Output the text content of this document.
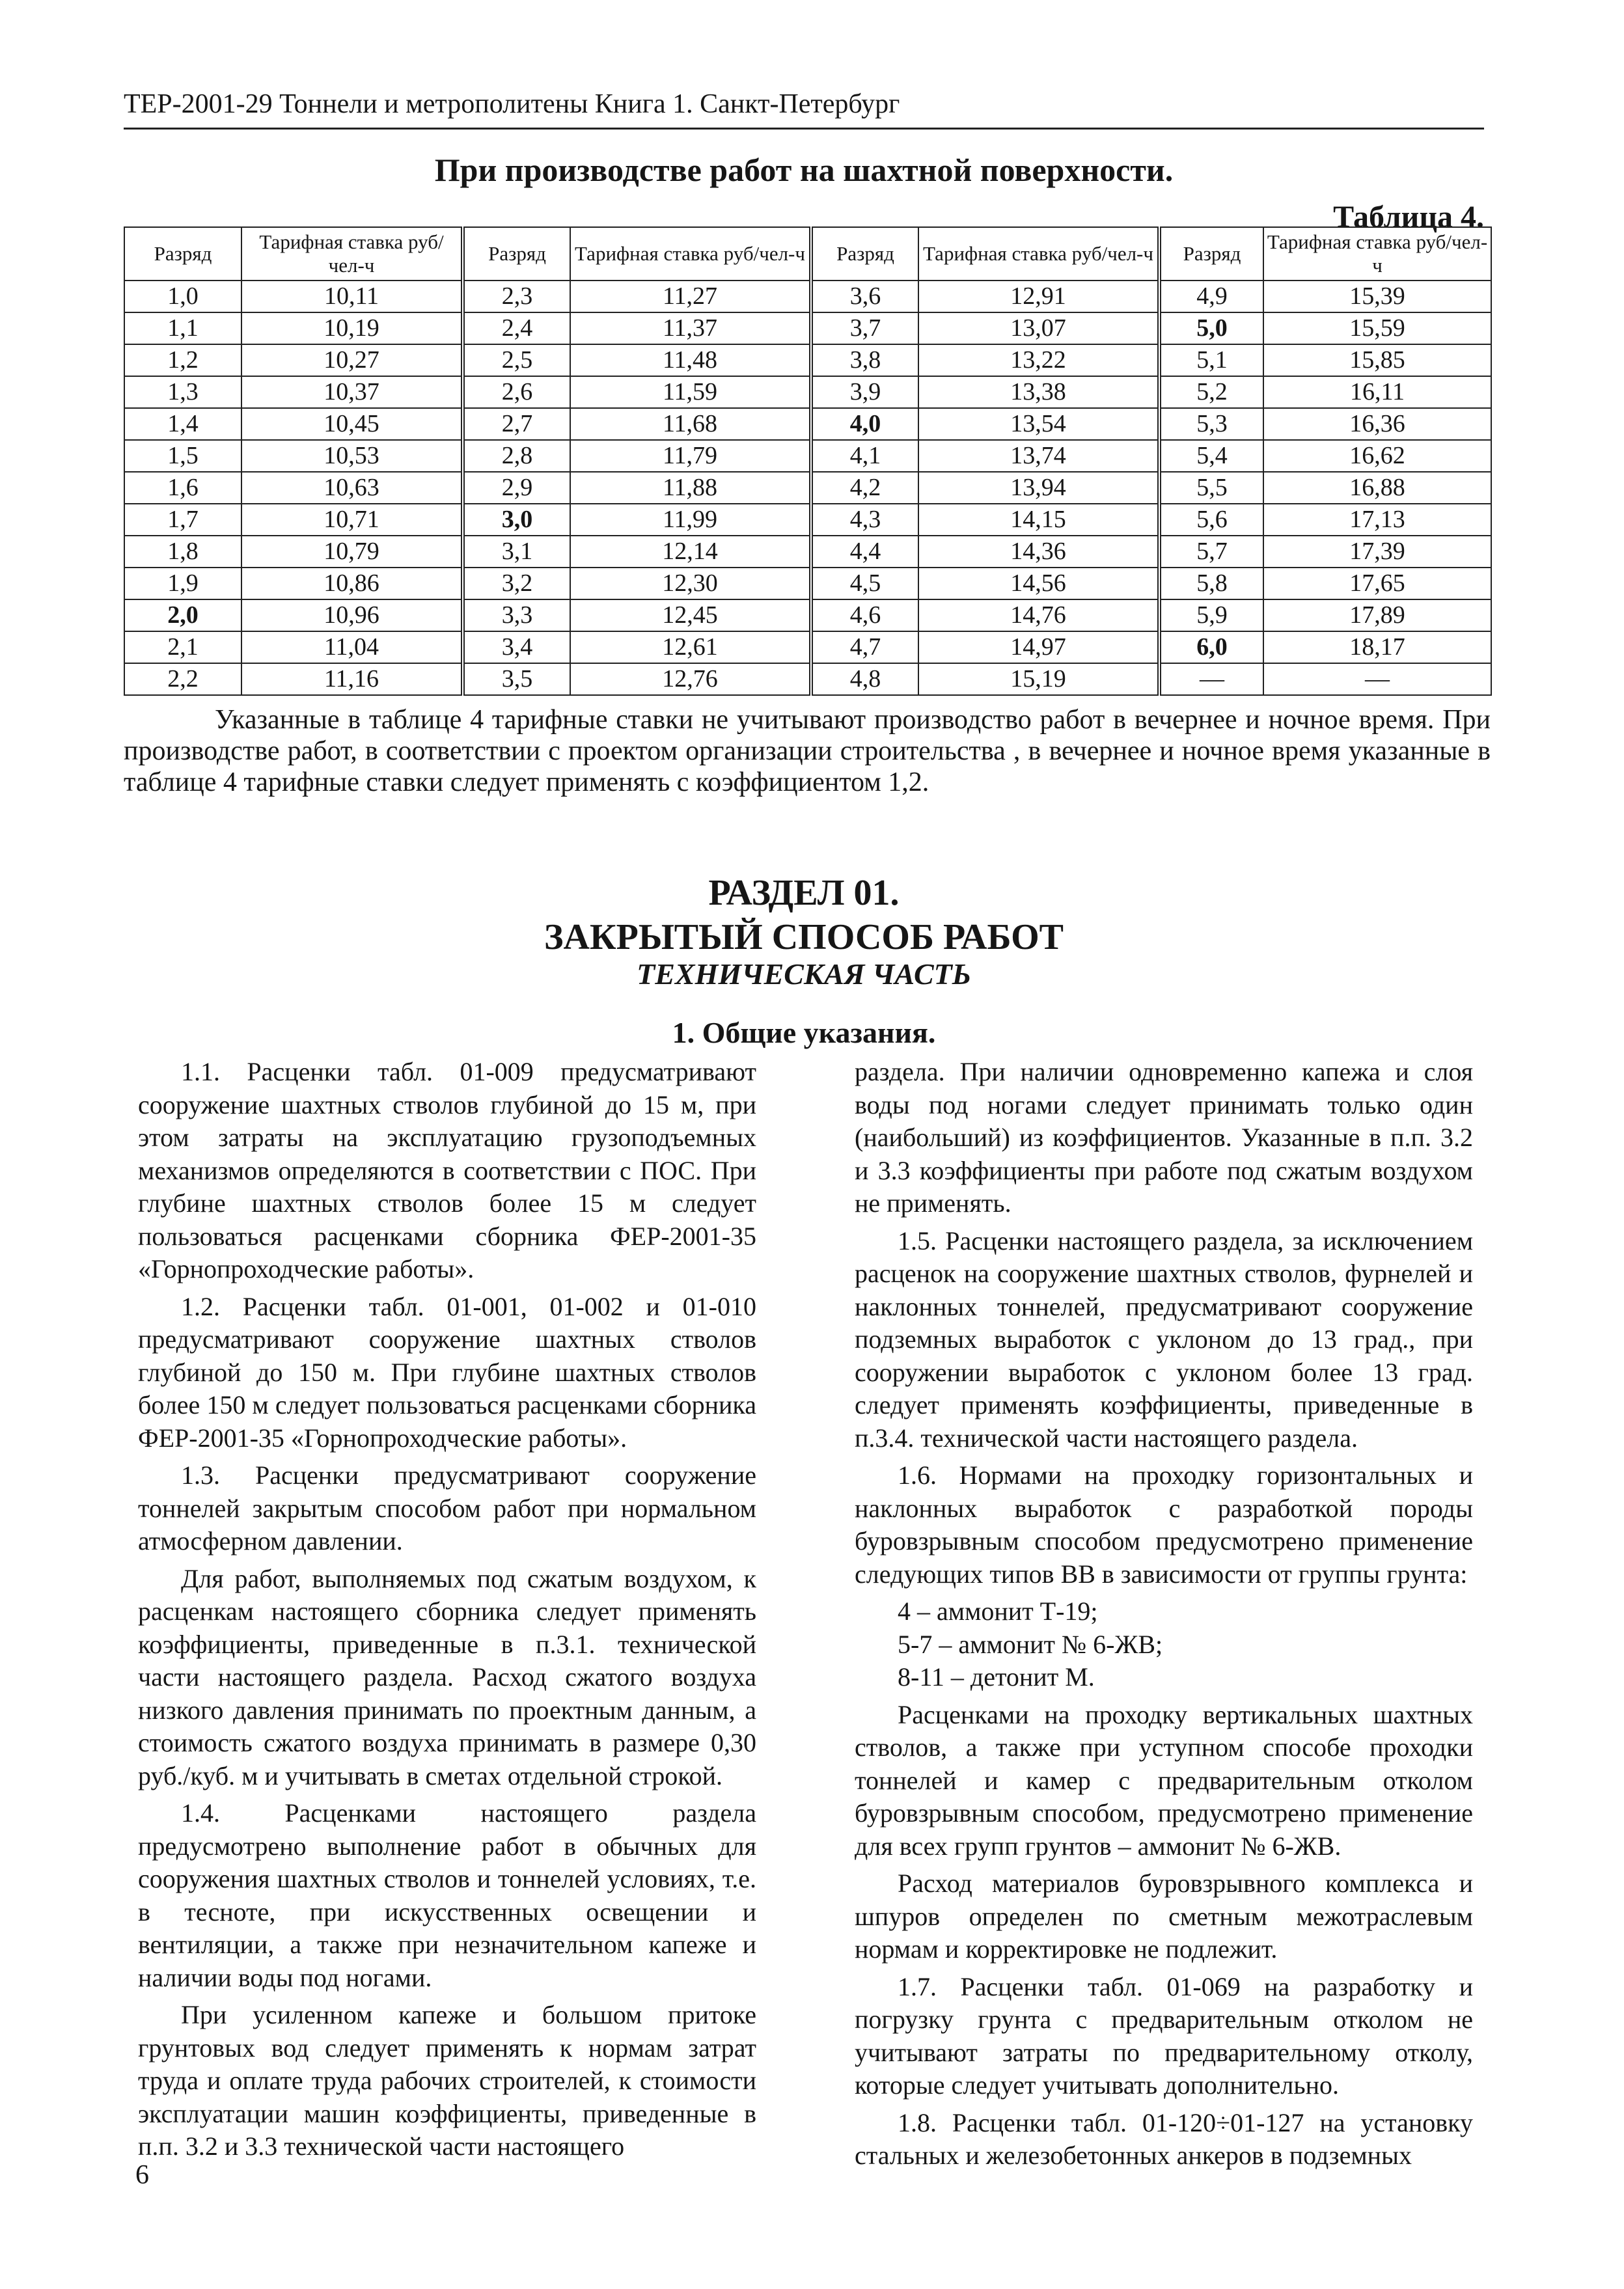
ТЕР-2001-29 Тоннели и метрополитены Книга 1. Санкт-Петербург
При производстве работ на шахтной поверхности.
Таблица 4.
Разряд	Тарифная ставка руб/чел-ч	Разряд	Тарифная ставка руб/чел-ч	Разряд	Тарифная ставка руб/чел-ч	Разряд	Тарифная ставка руб/чел-ч
1,0	10,11	2,3	11,27	3,6	12,91	4,9	15,39
1,1	10,19	2,4	11,37	3,7	13,07	5,0	15,59
1,2	10,27	2,5	11,48	3,8	13,22	5,1	15,85
1,3	10,37	2,6	11,59	3,9	13,38	5,2	16,11
1,4	10,45	2,7	11,68	4,0	13,54	5,3	16,36
1,5	10,53	2,8	11,79	4,1	13,74	5,4	16,62
1,6	10,63	2,9	11,88	4,2	13,94	5,5	16,88
1,7	10,71	3,0	11,99	4,3	14,15	5,6	17,13
1,8	10,79	3,1	12,14	4,4	14,36	5,7	17,39
1,9	10,86	3,2	12,30	4,5	14,56	5,8	17,65
2,0	10,96	3,3	12,45	4,6	14,76	5,9	17,89
2,1	11,04	3,4	12,61	4,7	14,97	6,0	18,17
2,2	11,16	3,5	12,76	4,8	15,19	—	—

Указанные в таблице 4 тарифные ставки не учитывают производство работ в вечернее и ночное время. При производстве работ, в соответствии с проектом организации строительства , в вечернее и ночное время указанные в таблице 4 тарифные ставки следует применять с коэффициентом 1,2.

РАЗДЕЛ 01.
ЗАКРЫТЫЙ СПОСОБ РАБОТ
ТЕХНИЧЕСКАЯ ЧАСТЬ
1. Общие указания.

1.1. Расценки табл. 01-009 предусматривают сооружение шахтных стволов глубиной до 15 м, при этом затраты на эксплуатацию грузоподъемных механизмов определяются в соответствии с ПОС. При глубине шахтных стволов более 15 м следует пользоваться расценками сборника ФЕР-2001-35 «Горнопроходческие работы».

1.2. Расценки табл. 01-001, 01-002 и 01-010 предусматривают сооружение шахтных стволов глубиной до 150 м. При глубине шахтных стволов более 150 м следует пользоваться расценками сборника ФЕР-2001-35 «Горнопроходческие работы».

1.3. Расценки предусматривают сооружение тоннелей закрытым способом работ при нормальном атмосферном давлении.

Для работ, выполняемых под сжатым воздухом, к расценкам настоящего сборника следует применять коэффициенты, приведенные в п.3.1. технической части настоящего раздела. Расход сжатого воздуха низкого давления принимать по проектным данным, а стоимость сжатого воздуха принимать в размере 0,30 руб./куб. м и учитывать в сметах отдельной строкой.

1.4. Расценками настоящего раздела предусмотрено выполнение работ в обычных для сооружения шахтных стволов и тоннелей условиях, т.е. в тесноте, при искусственных освещении и вентиляции, а также при незначительном капеже и наличии воды под ногами.

При усиленном капеже и большом притоке грунтовых вод следует применять к нормам затрат труда и оплате труда рабочих строителей, к стоимости эксплуатации машин коэффициенты, приведенные в п.п. 3.2 и 3.3 технической части настоящего

раздела. При наличии одновременно капежа и слоя воды под ногами следует принимать только один (наибольший) из коэффициентов. Указанные в п.п. 3.2 и 3.3 коэффициенты при работе под сжатым воздухом не применять.

1.5. Расценки настоящего раздела, за исключением расценок на сооружение шахтных стволов, фурнелей и наклонных тоннелей, предусматривают сооружение подземных выработок с уклоном до 13 град., при сооружении выработок с уклоном более 13 град. следует применять коэффициенты, приведенные в п.3.4. технической части настоящего раздела.

1.6. Нормами на проходку горизонтальных и наклонных выработок с разработкой породы буровзрывным способом предусмотрено применение следующих типов ВВ в зависимости от группы грунта:

4 – аммонит Т-19;

5-7 – аммонит № 6-ЖВ;

8-11 – детонит М.

Расценками на проходку вертикальных шахтных стволов, а также при уступном способе проходки тоннелей и камер с предварительным отколом буровзрывным способом, предусмотрено применение для всех групп грунтов – аммонит № 6-ЖВ.

Расход материалов буровзрывного комплекса и шпуров определен по сметным межотраслевым нормам и корректировке не подлежит.

1.7. Расценки табл. 01-069 на разработку и погрузку грунта с предварительным отколом не учитывают затраты по предварительному отколу, которые следует учитывать дополнительно.

1.8. Расценки табл. 01-120÷01-127 на установку стальных и железобетонных анкеров в подземных

6
